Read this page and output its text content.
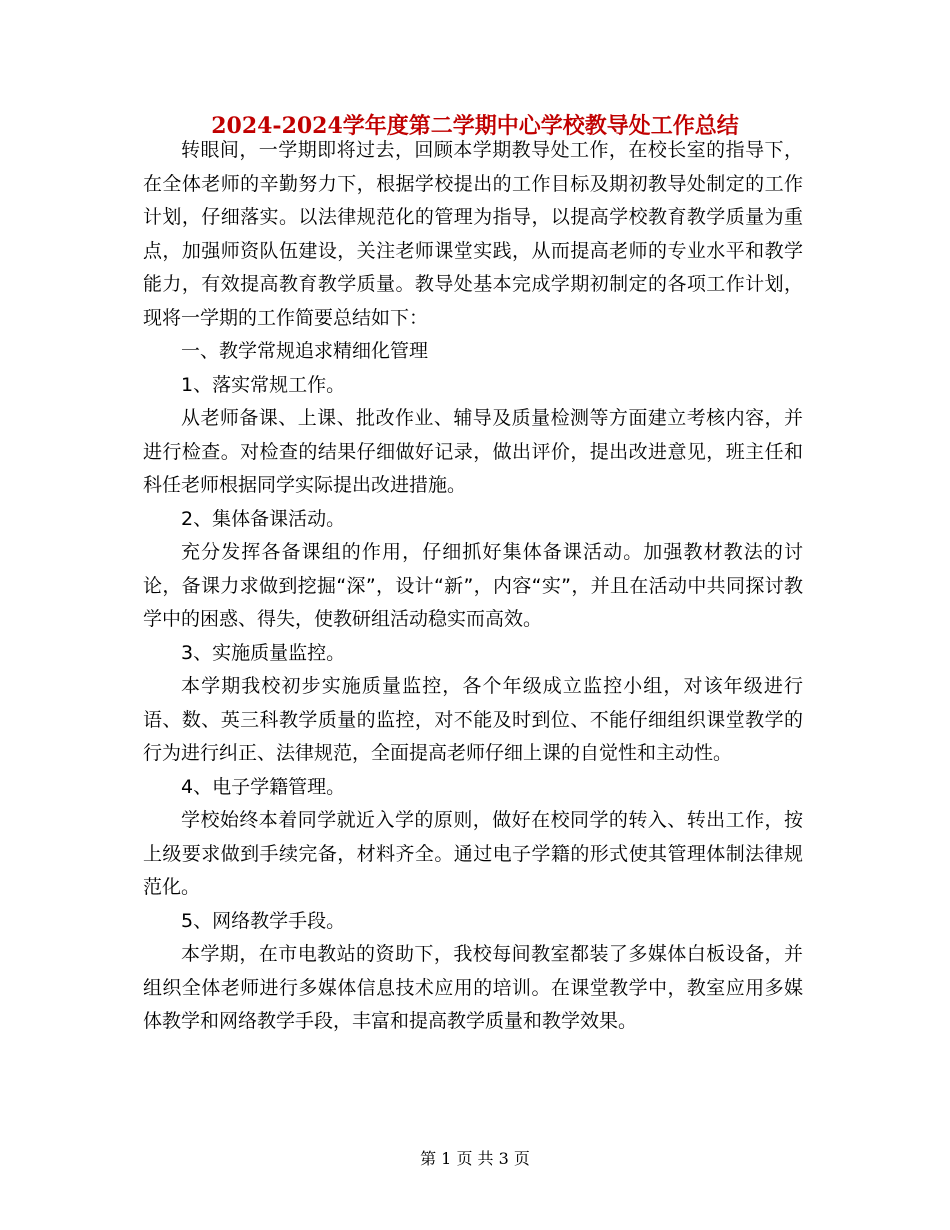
2024-2024学年度第二学期中心学校教导处工作总结

转眼间，一学期即将过去，回顾本学期教导处工作，在校长室的指导下，在全体老师的辛勤努力下，根据学校提出的工作目标及期初教导处制定的工作计划，仔细落实。以法律规范化的管理为指导，以提高学校教育教学质量为重点，加强师资队伍建设，关注老师课堂实践，从而提高老师的专业水平和教学能力，有效提高教育教学质量。教导处基本完成学期初制定的各项工作计划，现将一学期的工作简要总结如下：

一、教学常规追求精细化管理

1、落实常规工作。

从老师备课、上课、批改作业、辅导及质量检测等方面建立考核内容，并进行检查。对检查的结果仔细做好记录，做出评价，提出改进意见，班主任和科任老师根据同学实际提出改进措施。

2、集体备课活动。

充分发挥各备课组的作用，仔细抓好集体备课活动。加强教材教法的讨论，备课力求做到挖掘“深”，设计“新”，内容“实”，并且在活动中共同探讨教学中的困惑、得失，使教研组活动稳实而高效。

3、实施质量监控。

本学期我校初步实施质量监控，各个年级成立监控小组，对该年级进行语、数、英三科教学质量的监控，对不能及时到位、不能仔细组织课堂教学的行为进行纠正、法律规范，全面提高老师仔细上课的自觉性和主动性。

4、电子学籍管理。

学校始终本着同学就近入学的原则，做好在校同学的转入、转出工作，按上级要求做到手续完备，材料齐全。通过电子学籍的形式使其管理体制法律规范化。

5、网络教学手段。

本学期，在市电教站的资助下，我校每间教室都装了多媒体白板设备，并组织全体老师进行多媒体信息技术应用的培训。在课堂教学中，教室应用多媒体教学和网络教学手段，丰富和提高教学质量和教学效果。

第 1 页 共 3 页
